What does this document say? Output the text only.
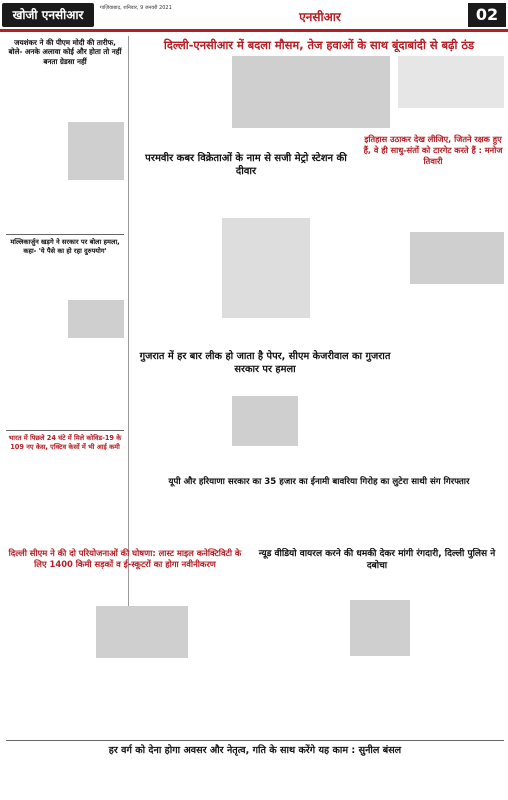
खोजी एनसीआर	गाज़ियाबाद, शनिवार, 9 जनवरी 2021
एनसीआर	02
जयशंकर ने की पीएम मोदी की तारीफ, बोले- अनके अलावा कोई और होता तो नहीं बनता ग्रेडसा नहीं
मल्लिकार्जुन खड़गे ने सरकार पर बोला हमला, कहा- 'ये पैसे का हो रहा दुरुपयोग'
भारत में पिछले 24 घंटे में मिले कोविड-19 के 109 नए केस, एक्टिव केसों में भी आई कमी
दिल्ली-एनसीआर में बदला मौसम, तेज हवाओं के साथ बूंदाबांदी से बढ़ी ठंड
परमवीर कबर विक्रेताओं के नाम से सजी मेट्रो स्टेशन की दीवार
इतिहास उठाकर देख लीजिए, जितने रक्षक हुए हैं, वे ही साधु-संतों को टारगेट करते हैं : मनोज तिवारी
गुजरात में हर बार लीक हो जाता है पेपर, सीएम केजरीवाल का गुजरात सरकार पर हमला
यूपी और हरियाणा सरकार का 35 हजार का ईनामी बावरिया गिरोह का लुटेरा साथी संग गिरफ्तार
दिल्ली सीएम ने की दो परियोजनाओं की घोषणा: लास्ट माइल कनेक्टिविटी के लिए 1400 किमी सड़कों व ई-स्कूटरों का होगा नवीनीकरण
न्यूड वीडियो वायरल करने की धमकी देकर मांगी रंगदारी, दिल्ली पुलिस ने दबोचा
हर वर्ग को देना होगा अवसर और नेतृत्व, गति के साथ करेंगे यह काम : सुनील बंसल
